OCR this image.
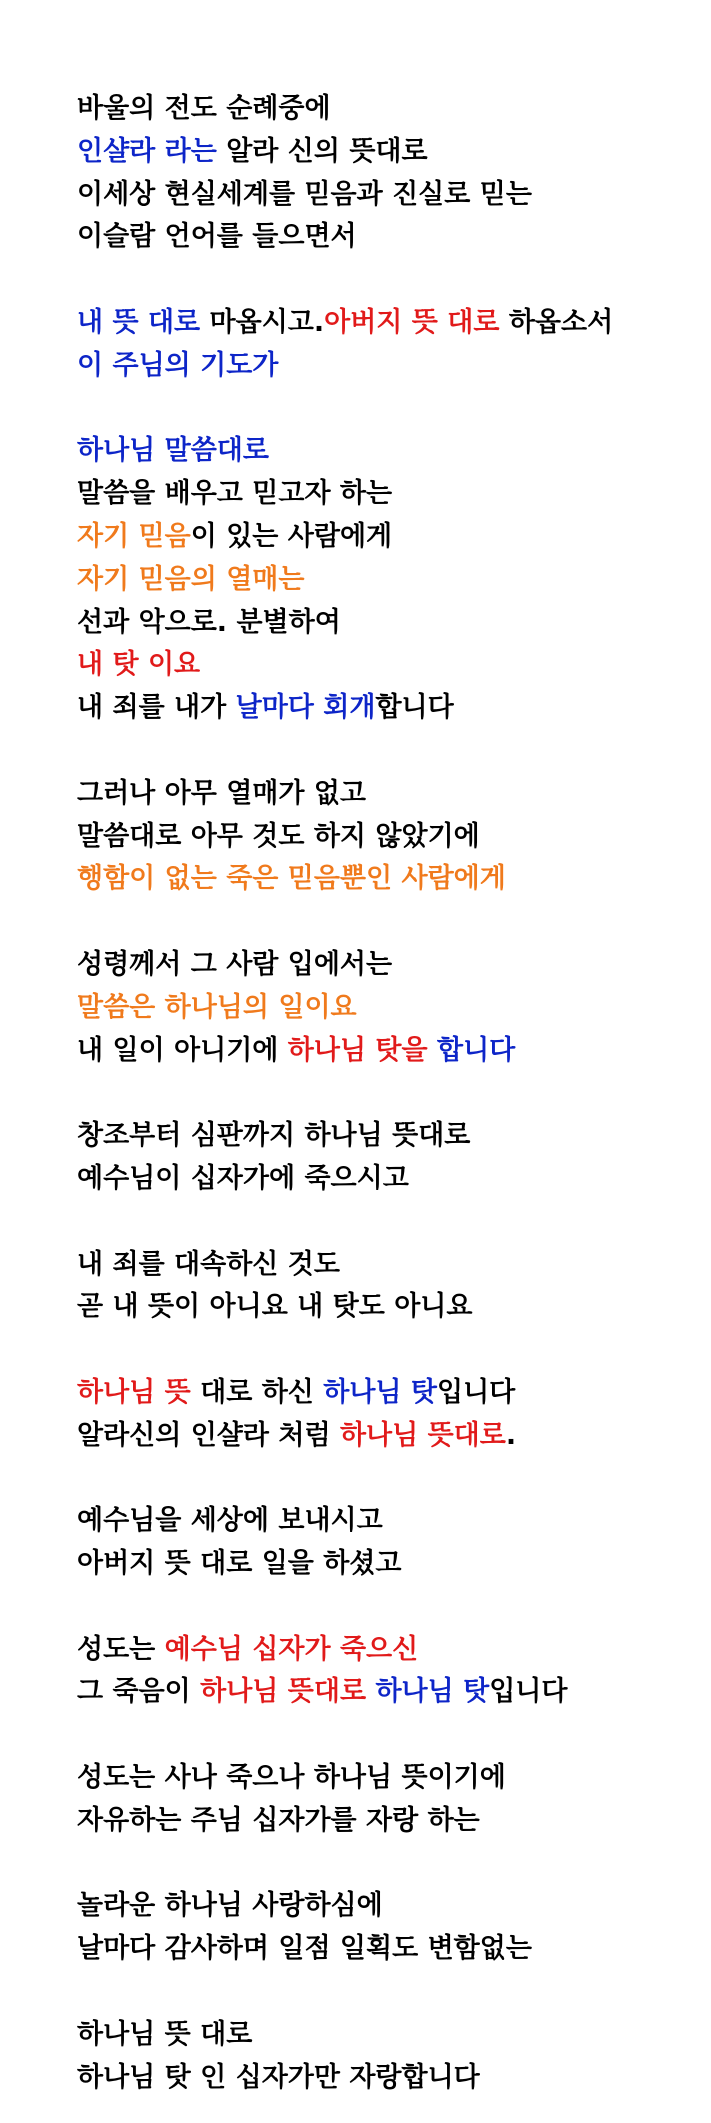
바울의 전도 순례중에
인샬라 라는 알라 신의 뜻대로
이세상 현실세계를 믿음과 진실로 믿는
이슬람 언어를 들으면서
내 뜻 대로 마옵시고.아버지 뜻 대로 하옵소서
이 주님의 기도가
하나님 말씀대로
말씀을 배우고 믿고자 하는
자기 믿음이 있는 사람에게
자기 믿음의 열매는
선과 악으로. 분별하여
내 탓 이요
내 죄를 내가 날마다 회개합니다
그러나 아무 열매가 없고
말씀대로 아무 것도 하지 않았기에
행함이 없는 죽은 믿음뿐인 사람에게
성령께서 그 사람 입에서는
말씀은 하나님의 일이요
내 일이 아니기에 하나님 탓을 합니다
창조부터 심판까지 하나님 뜻대로
예수님이 십자가에 죽으시고
내 죄를 대속하신 것도
곧 내 뜻이 아니요 내 탓도 아니요
하나님 뜻 대로 하신 하나님 탓입니다
알라신의 인샬라 처럼 하나님 뜻대로.
예수님을 세상에 보내시고
아버지 뜻 대로 일을 하셨고
성도는 예수님 십자가 죽으신
그 죽음이 하나님 뜻대로 하나님 탓입니다
성도는 사나 죽으나 하나님 뜻이기에
자유하는 주님 십자가를 자랑 하는
놀라운 하나님 사랑하심에
날마다 감사하며 일점 일획도 변함없는
하나님 뜻 대로
하나님 탓 인 십자가만 자랑합니다
